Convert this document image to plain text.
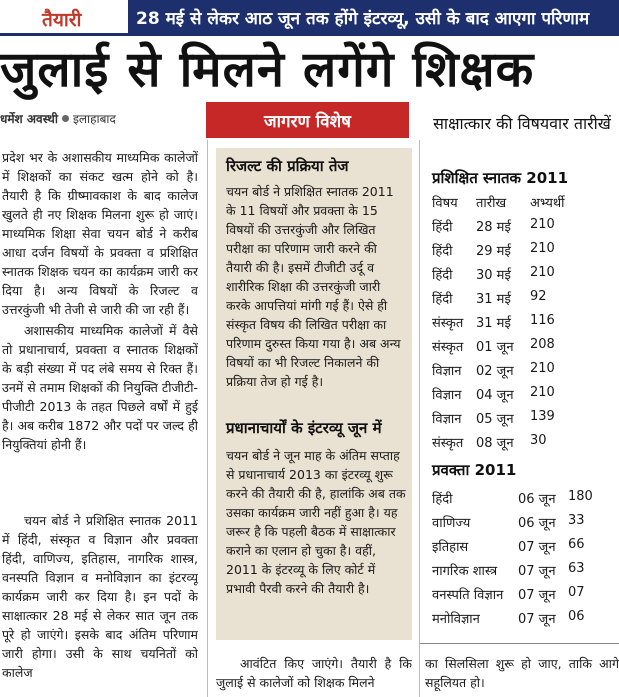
तैयारी	28 मई से लेकर आठ जून तक होंगे इंटरव्यू, उसी के बाद आएगा परिणाम
जुलाई से मिलने लगेंगे शिक्षक
धर्मेश अवस्थी इलाहाबाद	जागरण विशेष
प्रदेश भर के अशासकीय माध्यमिक कालेजों में शिक्षकों का संकट खत्म होने को है। तैयारी है कि ग्रीष्मावकाश के बाद कालेज खुलते ही नए शिक्षक मिलना शुरू हो जाएं। माध्यमिक शिक्षा सेवा चयन बोर्ड ने करीब आधा दर्जन विषयों के प्रवक्ता व प्रशिक्षित स्नातक शिक्षक चयन का कार्यक्रम जारी कर दिया है। अन्य विषयों के रिजल्ट व उत्तरकुंजी भी तेजी से जारी की जा रही हैं।
अशासकीय माध्यमिक कालेजों में वैसे तो प्रधानाचार्य, प्रवक्ता व स्नातक शिक्षकों के बड़ी संख्या में पद लंबे समय से रिक्त हैं। उनमें से तमाम शिक्षकों की नियुक्ति टीजीटी-पीजीटी 2013 के तहत पिछले वर्षों में हुई है। अब करीब 1872 और पदों पर जल्द ही नियुक्तियां होनी हैं।
चयन बोर्ड ने प्रशिक्षित स्नातक 2011 में हिंदी, संस्कृत व विज्ञान और प्रवक्ता हिंदी, वाणिज्य, इतिहास, नागरिक शास्त्र, वनस्पति विज्ञान व मनोविज्ञान का इंटरव्यू कार्यक्रम जारी कर दिया है। इन पदों के साक्षात्कार 28 मई से लेकर सात जून तक पूरे हो जाएंगे। इसके बाद अंतिम परिणाम जारी होगा। उसी के साथ चयनितों को कालेज
रिजल्ट की प्रक्रिया तेज
चयन बोर्ड ने प्रशिक्षित स्नातक 2011 के 11 विषयों और प्रवक्ता के 15 विषयों की उत्तरकुंजी और लिखित परीक्षा का परिणाम जारी करने की तैयारी की है। इसमें टीजीटी उर्दू व शारीरिक शिक्षा की उत्तरकुंजी जारी करके आपत्तियां मांगी गई हैं। ऐसे ही संस्कृत विषय की लिखित परीक्षा का परिणाम दुरुस्त किया गया है। अब अन्य विषयों का भी रिजल्ट निकालने की प्रक्रिया तेज हो गई है।
प्रधानाचार्यों के इंटरव्यू जून में
चयन बोर्ड ने जून माह के अंतिम सप्ताह से प्रधानाचार्य 2013 का इंटरव्यू शुरू करने की तैयारी की है, हालांकि अब तक उसका कार्यक्रम जारी नहीं हुआ है। यह जरूर है कि पहली बैठक में साक्षात्कार कराने का एलान हो चुका है। वहीं, 2011 के इंटरव्यू के लिए कोर्ट में प्रभावी पैरवी करने की तैयारी है।
आवंटित किए जाएंगे। तैयारी है कि जुलाई से कालेजों को शिक्षक मिलने
साक्षात्कार की विषयवार तारीखें
प्रशिक्षित स्नातक 2011
विषय तारीख अभ्यर्थी
हिंदी 28 मई 210
हिंदी 29 मई 210
हिंदी 30 मई 210
हिंदी 31 मई 92
संस्कृत 31 मई 116
संस्कृत 01 जून 208
विज्ञान 02 जून 210
विज्ञान 04 जून 210
विज्ञान 05 जून 139
संस्कृत 08 जून 30
प्रवक्ता 2011
हिंदी	06 जून 180
वाणिज्य	06 जून 33
इतिहास	07 जून 66
नागरिक शास्त्र 07 जून 63
वनस्पति विज्ञान 07 जून 07
मनोविज्ञान	07 जून 06
का सिलसिला शुरू हो जाए, ताकि आगे सहूलियत हो।
